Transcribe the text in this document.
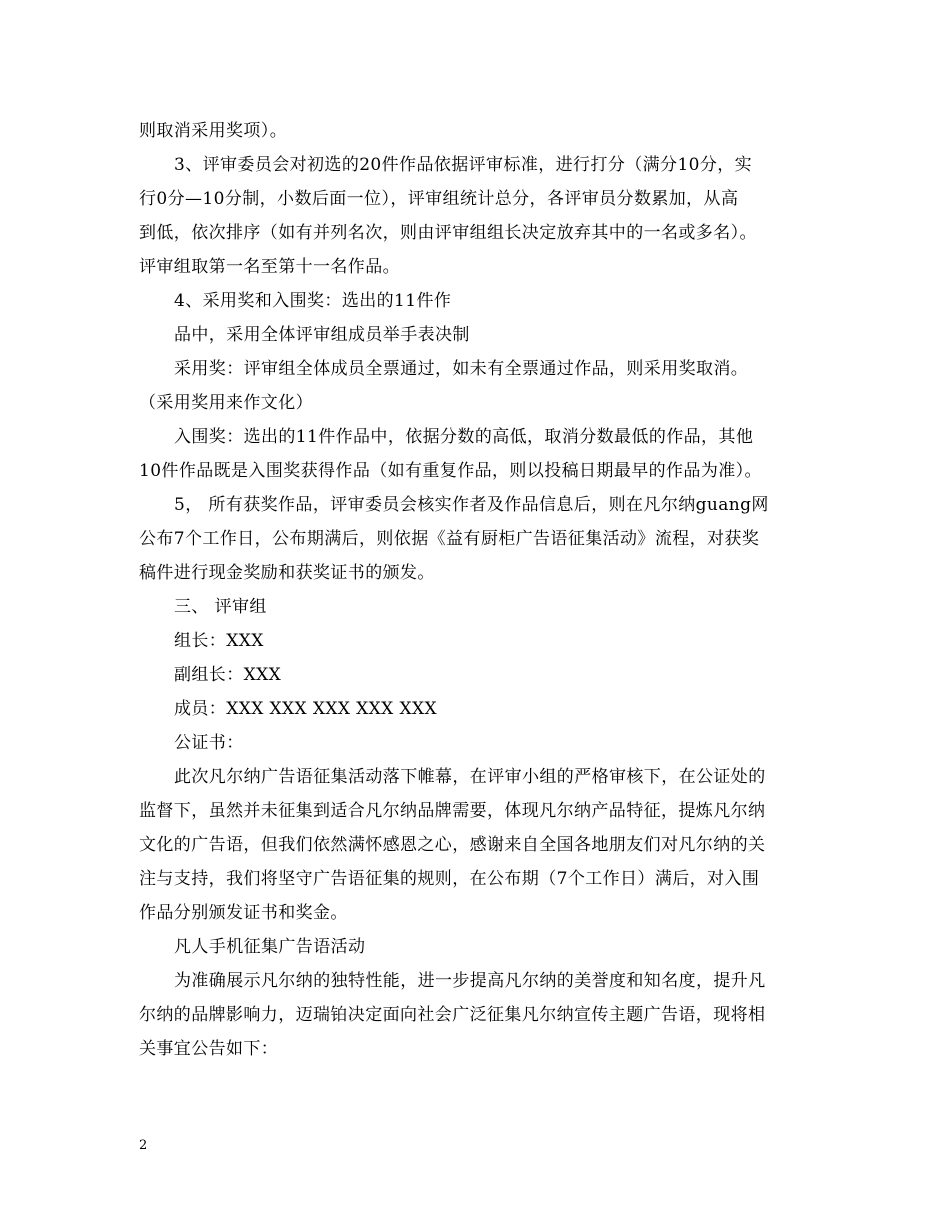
则取消采用奖项）。
3、评审委员会对初选的20件作品依据评审标准，进行打分（满分10分，实
行0分—10分制，小数后面一位），评审组统计总分，各评审员分数累加，从高
到低，依次排序（如有并列名次，则由评审组组长决定放弃其中的一名或多名）。
评审组取第一名至第十一名作品。
4、采用奖和入围奖：选出的11件作
品中，采用全体评审组成员举手表决制
采用奖：评审组全体成员全票通过，如未有全票通过作品，则采用奖取消。
（采用奖用来作文化）
入围奖：选出的11件作品中，依据分数的高低，取消分数最低的作品，其他
10件作品既是入围奖获得作品（如有重复作品，则以投稿日期最早的作品为准）。
5， 所有获奖作品，评审委员会核实作者及作品信息后，则在凡尔纳guang网
公布7个工作日，公布期满后，则依据《益有厨柜广告语征集活动》流程，对获奖
稿件进行现金奖励和获奖证书的颁发。
三、 评审组
组长：XXX
副组长：XXX
成员：XXX XXX XXX XXX XXX
公证书：
此次凡尔纳广告语征集活动落下帷幕，在评审小组的严格审核下，在公证处的
监督下，虽然并未征集到适合凡尔纳品牌需要，体现凡尔纳产品特征，提炼凡尔纳
文化的广告语，但我们依然满怀感恩之心，感谢来自全国各地朋友们对凡尔纳的关
注与支持，我们将坚守广告语征集的规则，在公布期（7个工作日）满后，对入围
作品分别颁发证书和奖金。
凡人手机征集广告语活动
为准确展示凡尔纳的独特性能，进一步提高凡尔纳的美誉度和知名度，提升凡
尔纳的品牌影响力，迈瑞铂决定面向社会广泛征集凡尔纳宣传主题广告语，现将相
关事宜公告如下：
2
